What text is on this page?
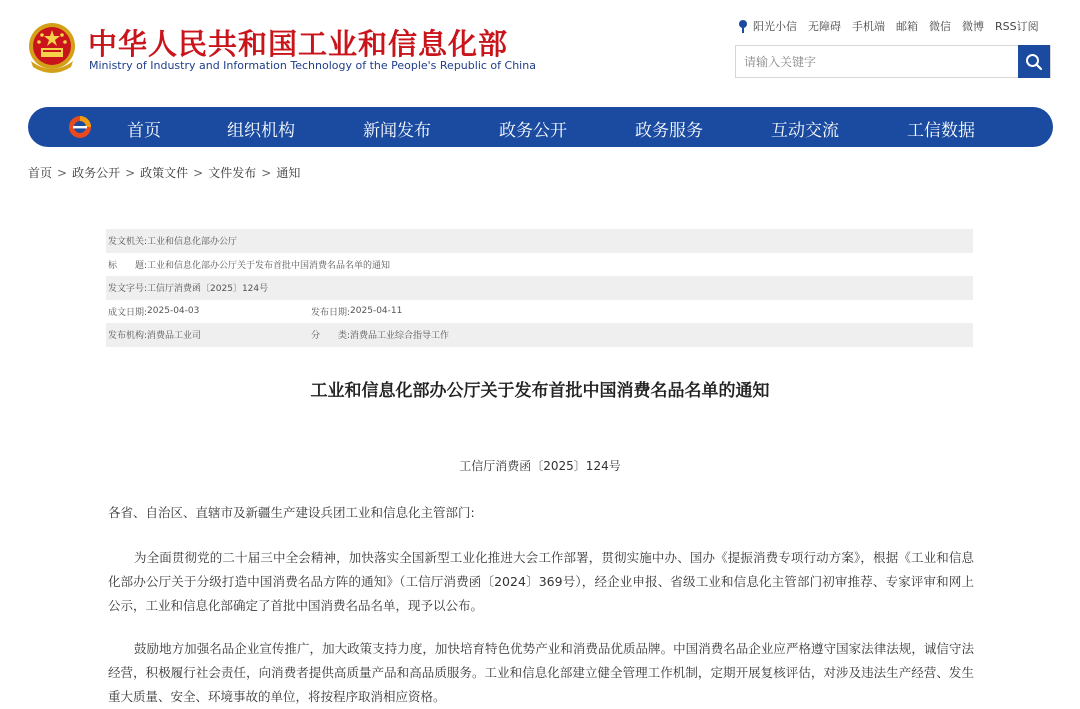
中华人民共和国工业和信息化部
Ministry of Industry and Information Technology of the People's Republic of China
阳光小信 无障碍 手机端 邮箱 微信 微博 RSS订阅
请输入关键字
首页	组织机构	新闻发布	政务公开	政务服务	互动交流	工信数据
首页 > 政务公开 > 政策文件 > 文件发布 > 通知
发文机关: 工业和信息化部办公厅
标　　题: 工业和信息化部办公厅关于发布首批中国消费名品名单的通知
发文字号: 工信厅消费函〔2025〕124号
成文日期: 2025-04-03	发布日期: 2025-04-11
发布机构: 消费品工业司	分　　类: 消费品工业综合指导工作
工业和信息化部办公厅关于发布首批中国消费名品名单的通知
工信厅消费函〔2025〕124号
各省、自治区、直辖市及新疆生产建设兵团工业和信息化主管部门:

为全面贯彻党的二十届三中全会精神，加快落实全国新型工业化推进大会工作部署，贯彻实施中办、国办《提振消费专项行动方案》，根据《工业和信息化部办公厅关于分级打造中国消费名品方阵的通知》（工信厅消费函〔2024〕369号），经企业申报、省级工业和信息化主管部门初审推荐、专家评审和网上公示，工业和信息化部确定了首批中国消费名品名单，现予以公布。

鼓励地方加强名品企业宣传推广，加大政策支持力度，加快培育特色优势产业和消费品优质品牌。中国消费名品企业应严格遵守国家法律法规，诚信守法经营，积极履行社会责任，向消费者提供高质量产品和高品质服务。工业和信息化部建立健全管理工作机制，定期开展复核评估，对涉及违法生产经营、发生重大质量、安全、环境事故的单位，将按程序取消相应资格。
